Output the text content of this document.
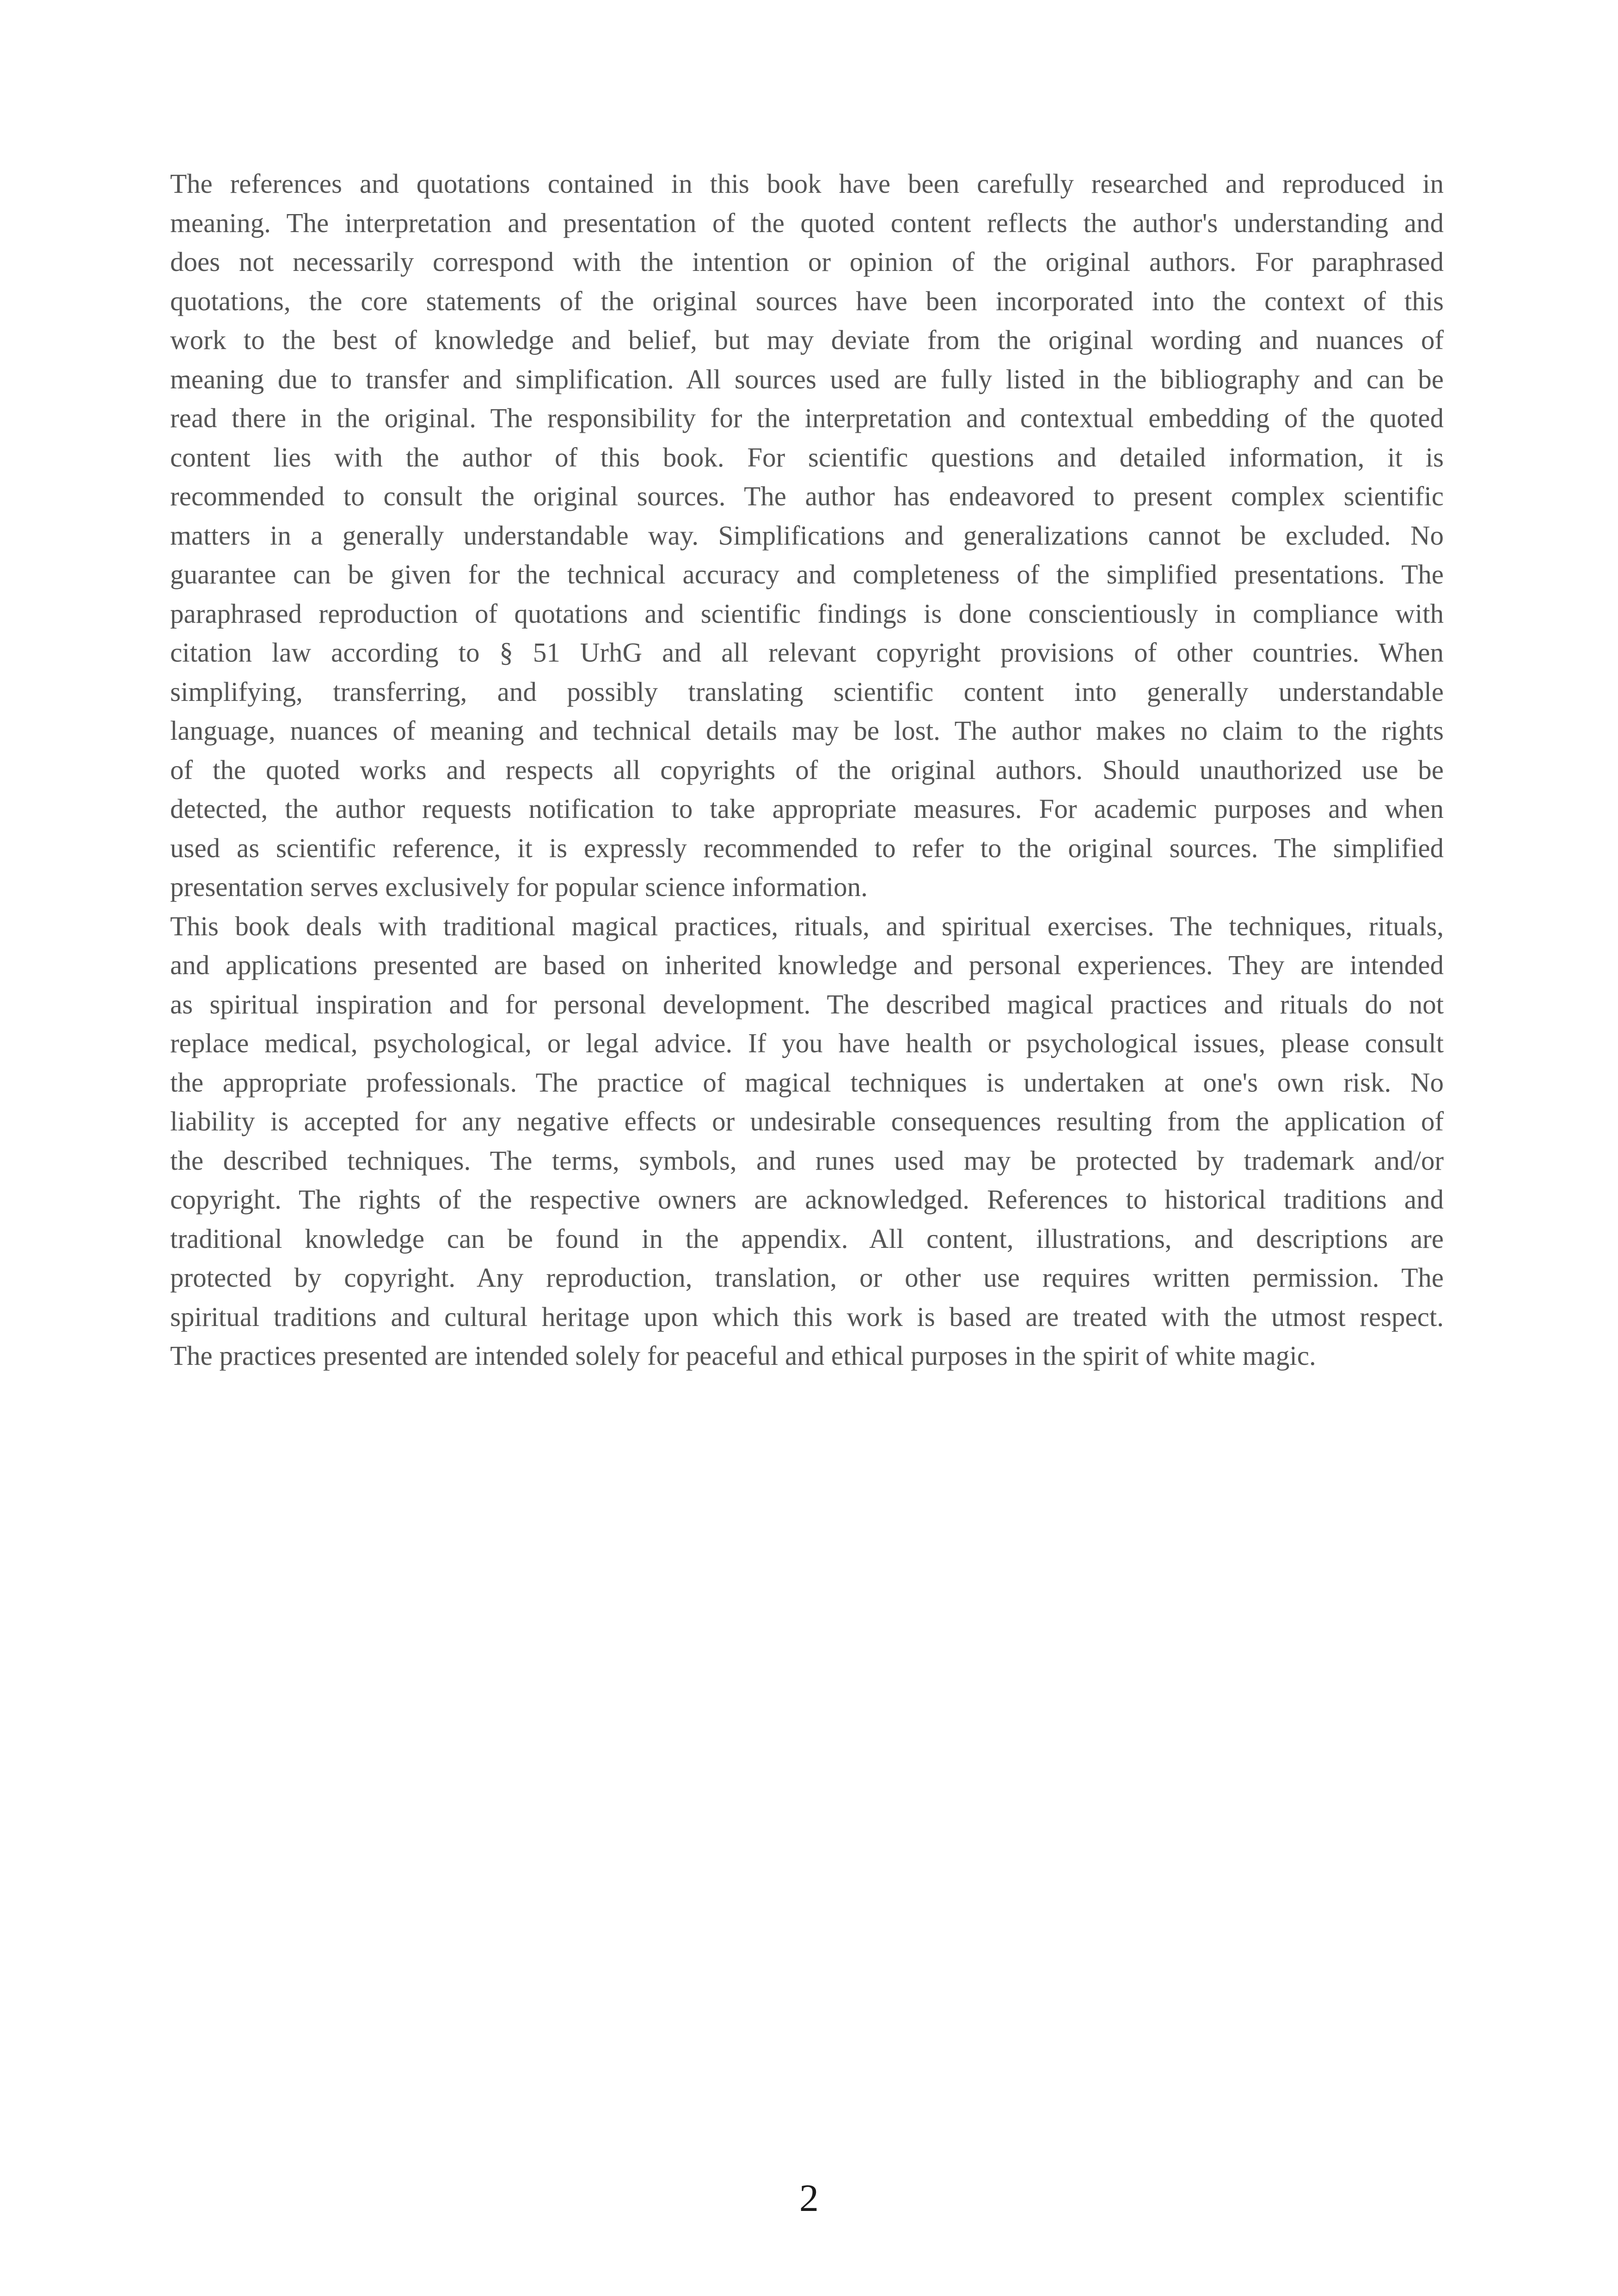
The references and quotations contained in this book have been carefully researched and reproduced in
meaning. The interpretation and presentation of the quoted content reflects the author's understanding and
does not necessarily correspond with the intention or opinion of the original authors. For paraphrased
quotations, the core statements of the original sources have been incorporated into the context of this
work to the best of knowledge and belief, but may deviate from the original wording and nuances of
meaning due to transfer and simplification. All sources used are fully listed in the bibliography and can be
read there in the original. The responsibility for the interpretation and contextual embedding of the quoted
content lies with the author of this book. For scientific questions and detailed information, it is
recommended to consult the original sources. The author has endeavored to present complex scientific
matters in a generally understandable way. Simplifications and generalizations cannot be excluded. No
guarantee can be given for the technical accuracy and completeness of the simplified presentations. The
paraphrased reproduction of quotations and scientific findings is done conscientiously in compliance with
citation law according to § 51 UrhG and all relevant copyright provisions of other countries. When
simplifying, transferring, and possibly translating scientific content into generally understandable
language, nuances of meaning and technical details may be lost. The author makes no claim to the rights
of the quoted works and respects all copyrights of the original authors. Should unauthorized use be
detected, the author requests notification to take appropriate measures. For academic purposes and when
used as scientific reference, it is expressly recommended to refer to the original sources. The simplified
presentation serves exclusively for popular science information.
This book deals with traditional magical practices, rituals, and spiritual exercises. The techniques, rituals,
and applications presented are based on inherited knowledge and personal experiences. They are intended
as spiritual inspiration and for personal development. The described magical practices and rituals do not
replace medical, psychological, or legal advice. If you have health or psychological issues, please consult
the appropriate professionals. The practice of magical techniques is undertaken at one's own risk. No
liability is accepted for any negative effects or undesirable consequences resulting from the application of
the described techniques. The terms, symbols, and runes used may be protected by trademark and/or
copyright. The rights of the respective owners are acknowledged. References to historical traditions and
traditional knowledge can be found in the appendix. All content, illustrations, and descriptions are
protected by copyright. Any reproduction, translation, or other use requires written permission. The
spiritual traditions and cultural heritage upon which this work is based are treated with the utmost respect.
The practices presented are intended solely for peaceful and ethical purposes in the spirit of white magic.
2
